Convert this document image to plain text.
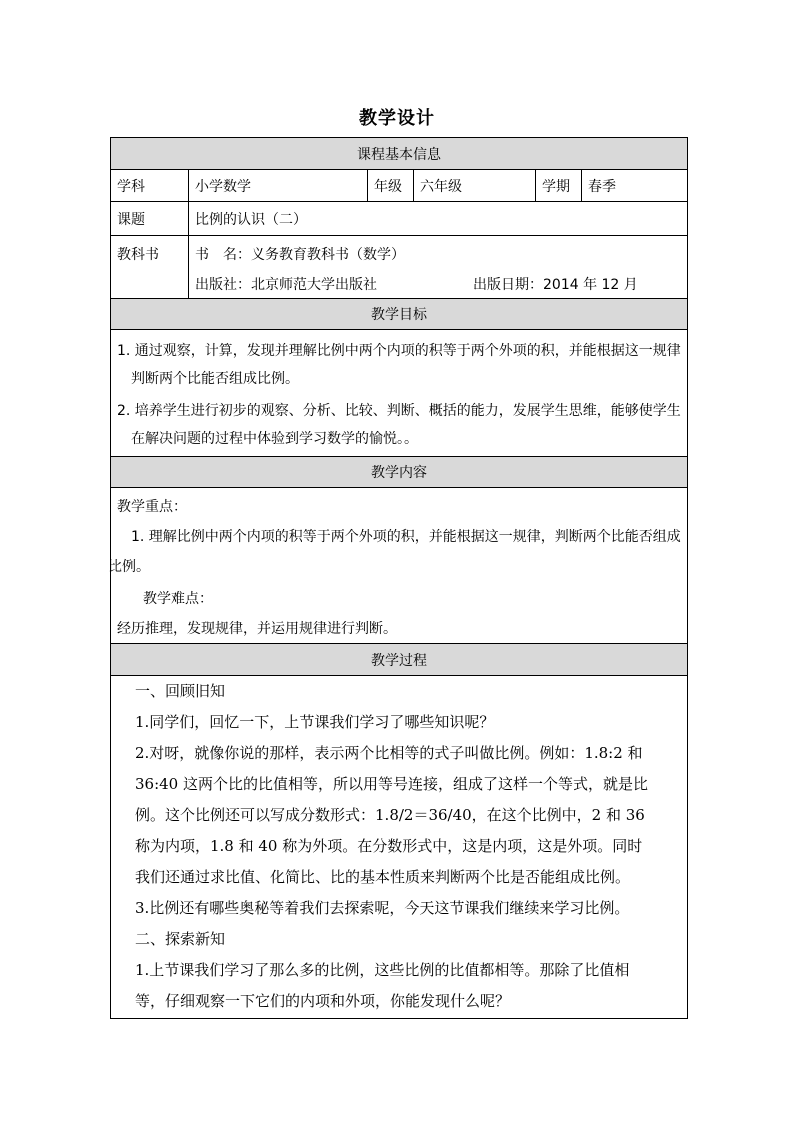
教学设计
课程基本信息
学科	小学数学	年级	六年级	学期	春季
课题	比例的认识（二）
教科书	书　名：义务教育教科书（数学）
出版社：北京师范大学出版社	出版日期：2014 年 12 月
教学目标
1. 通过观察，计算，发现并理解比例中两个内项的积等于两个外项的积，并能根据这一规律
判断两个比能否组成比例。
2. 培养学生进行初步的观察、分析、比较、判断、概括的能力，发展学生思维，能够使学生
在解决问题的过程中体验到学习数学的愉悦。。
教学内容
教学重点：
1. 理解比例中两个内项的积等于两个外项的积，并能根据这一规律，判断两个比能否组成
比例。
教学难点：
经历推理，发现规律，并运用规律进行判断。
教学过程
一、回顾旧知
1.同学们，回忆一下，上节课我们学习了哪些知识呢？
2.对呀，就像你说的那样，表示两个比相等的式子叫做比例。例如：1.8:2 和
36:40 这两个比的比值相等，所以用等号连接，组成了这样一个等式，就是比
例。这个比例还可以写成分数形式：1.8/2＝36/40，在这个比例中，2 和 36
称为内项，1.8 和 40 称为外项。在分数形式中，这是内项，这是外项。同时
我们还通过求比值、化简比、比的基本性质来判断两个比是否能组成比例。
3.比例还有哪些奥秘等着我们去探索呢，今天这节课我们继续来学习比例。
二、探索新知
1.上节课我们学习了那么多的比例，这些比例的比值都相等。那除了比值相
等，仔细观察一下它们的内项和外项，你能发现什么呢？
